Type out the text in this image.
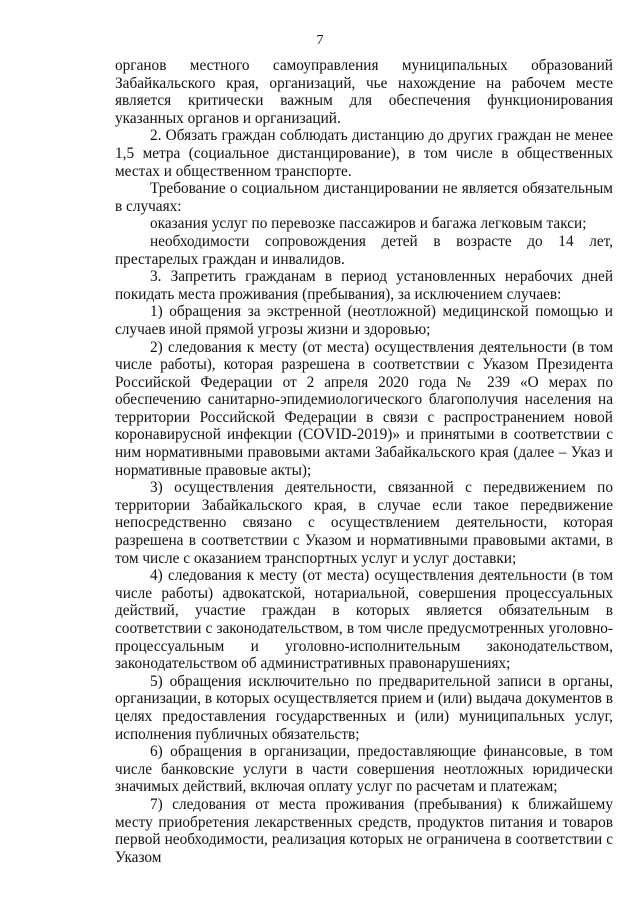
7

органов местного самоуправления муниципальных образований Забайкальского края, организаций, чье нахождение на рабочем месте является критически важным для обеспечения функционирования указанных органов и организаций.

2. Обязать граждан соблюдать дистанцию до других граждан не менее 1,5 метра (социальное дистанцирование), в том числе в общественных местах и общественном транспорте.

Требование о социальном дистанцировании не является обязательным в случаях:

оказания услуг по перевозке пассажиров и багажа легковым такси;

необходимости сопровождения детей в возрасте до 14 лет, престарелых граждан и инвалидов.

3. Запретить гражданам в период установленных нерабочих дней покидать места проживания (пребывания), за исключением случаев:

1) обращения за экстренной (неотложной) медицинской помощью и случаев иной прямой угрозы жизни и здоровью;

2) следования к месту (от места) осуществления деятельности (в том числе работы), которая разрешена в соответствии с Указом Президента Российской Федерации от 2 апреля 2020 года № 239 «О мерах по обеспечению санитарно-эпидемиологического благополучия населения на территории Российской Федерации в связи с распространением новой коронавирусной инфекции (COVID-2019)» и принятыми в соответствии с ним нормативными правовыми актами Забайкальского края (далее – Указ и нормативные правовые акты);

3) осуществления деятельности, связанной с передвижением по территории Забайкальского края, в случае если такое передвижение непосредственно связано с осуществлением деятельности, которая разрешена в соответствии с Указом и нормативными правовыми актами, в том числе с оказанием транспортных услуг и услуг доставки;

4) следования к месту (от места) осуществления деятельности (в том числе работы) адвокатской, нотариальной, совершения процессуальных действий, участие граждан в которых является обязательным в соответствии с законодательством, в том числе предусмотренных уголовно-процессуальным и уголовно-исполнительным законодательством, законодательством об административных правонарушениях;

5) обращения исключительно по предварительной записи в органы, организации, в которых осуществляется прием и (или) выдача документов в целях предоставления государственных и (или) муниципальных услуг, исполнения публичных обязательств;

6) обращения в организации, предоставляющие финансовые, в том числе банковские услуги в части совершения неотложных юридически значимых действий, включая оплату услуг по расчетам и платежам;

7) следования от места проживания (пребывания) к ближайшему месту приобретения лекарственных средств, продуктов питания и товаров первой необходимости, реализация которых не ограничена в соответствии с Указом
